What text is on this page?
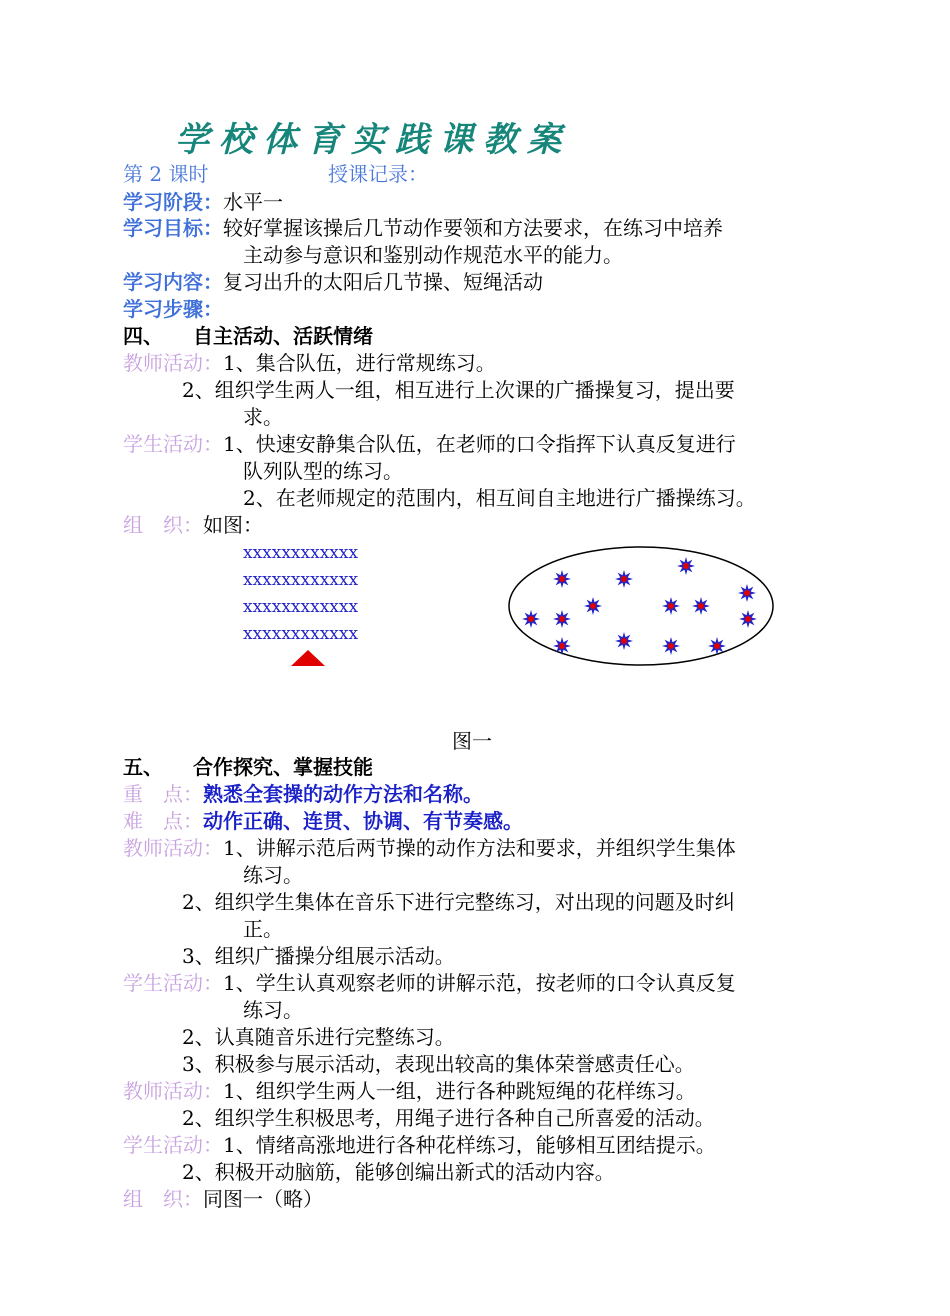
学校体育实践课教案
第 2 课时	授课记录：
学习阶段：水平一
学习目标：较好掌握该操后几节动作要领和方法要求，在练习中培养
主动参与意识和鉴别动作规范水平的能力。
学习内容：复习出升的太阳后几节操、短绳活动
学习步骤：
四、 自主活动、活跃情绪
教师活动：1、集合队伍，进行常规练习。
2、组织学生两人一组，相互进行上次课的广播操复习，提出要
求。
学生活动：1、快速安静集合队伍，在老师的口令指挥下认真反复进行
队列队型的练习。
2、在老师规定的范围内，相互间自主地进行广播操练习。
组　织：如图：
xxxxxxxxxxxx
xxxxxxxxxxxx
xxxxxxxxxxxx
xxxxxxxxxxxx
图一
五、 合作探究、掌握技能
重　点：熟悉全套操的动作方法和名称。
难　点：动作正确、连贯、协调、有节奏感。
教师活动：1、讲解示范后两节操的动作方法和要求，并组织学生集体
练习。
2、组织学生集体在音乐下进行完整练习，对出现的问题及时纠
正。
3、组织广播操分组展示活动。
学生活动：1、学生认真观察老师的讲解示范，按老师的口令认真反复
练习。
2、认真随音乐进行完整练习。
3、积极参与展示活动，表现出较高的集体荣誉感责任心。
教师活动：1、组织学生两人一组，进行各种跳短绳的花样练习。
2、组织学生积极思考，用绳子进行各种自己所喜爱的活动。
学生活动：1、情绪高涨地进行各种花样练习，能够相互团结提示。
2、积极开动脑筋，能够创编出新式的活动内容。
组　织：同图一（略）
